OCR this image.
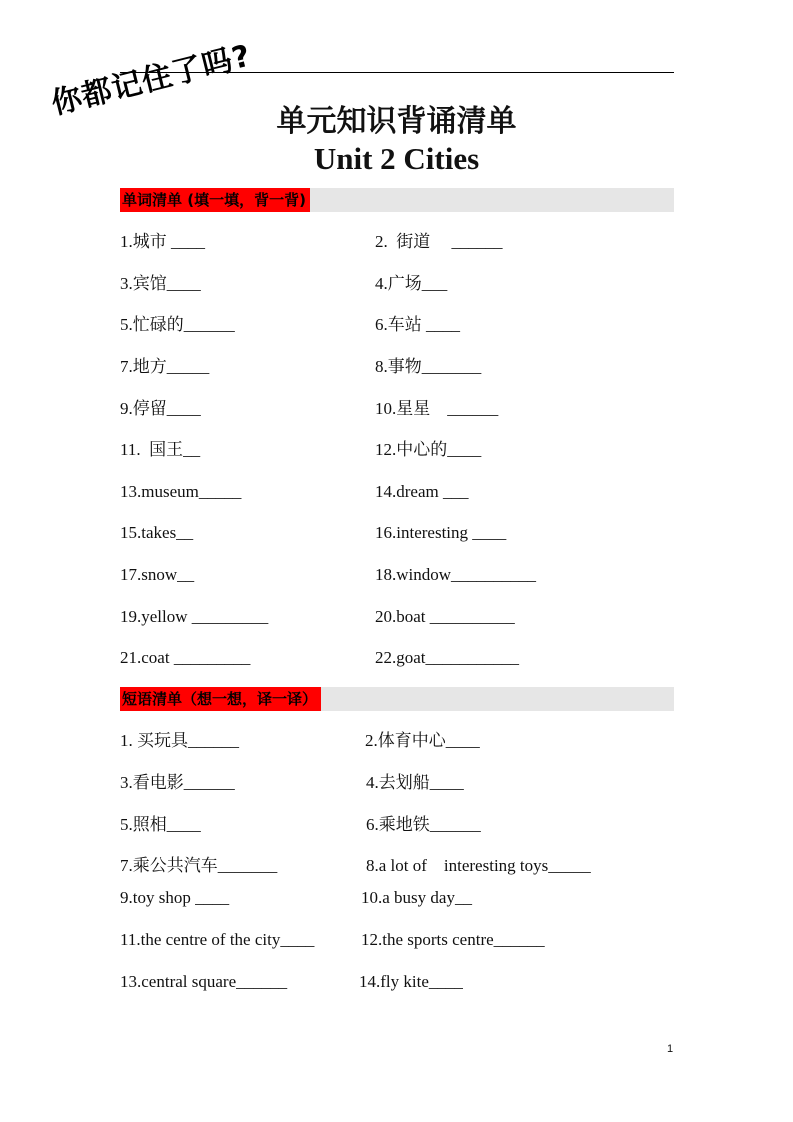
你都记住了吗? 单元知识背诵清单
Unit 2 Cities
单词清单 (填一填，背一背)
1.城市 ____	2.  街道     ______
3.宾馆____	4.广场___
5.忙碌的______	6.车站 ____
7.地方_____	8.事物_______
9.停留____	10.星星    ______
11.  国王__	12.中心的____
13.museum_____	14.dream ___
15.takes__	16.interesting ____
17.snow__	18.window__________
19.yellow _________	20.boat __________
21.coat _________	22.goat___________
短语清单（想一想，译一译）
1. 买玩具______	2.体育中心____
3.看电影______	4.去划船____
5.照相____	6.乘地铁______
7.乘公共汽车_______	8.a lot of    interesting toys_____
9.toy shop ____	10.a busy day__
11.the centre of the city____	12.the sports centre______
13.central square______	14.fly kite____
1
